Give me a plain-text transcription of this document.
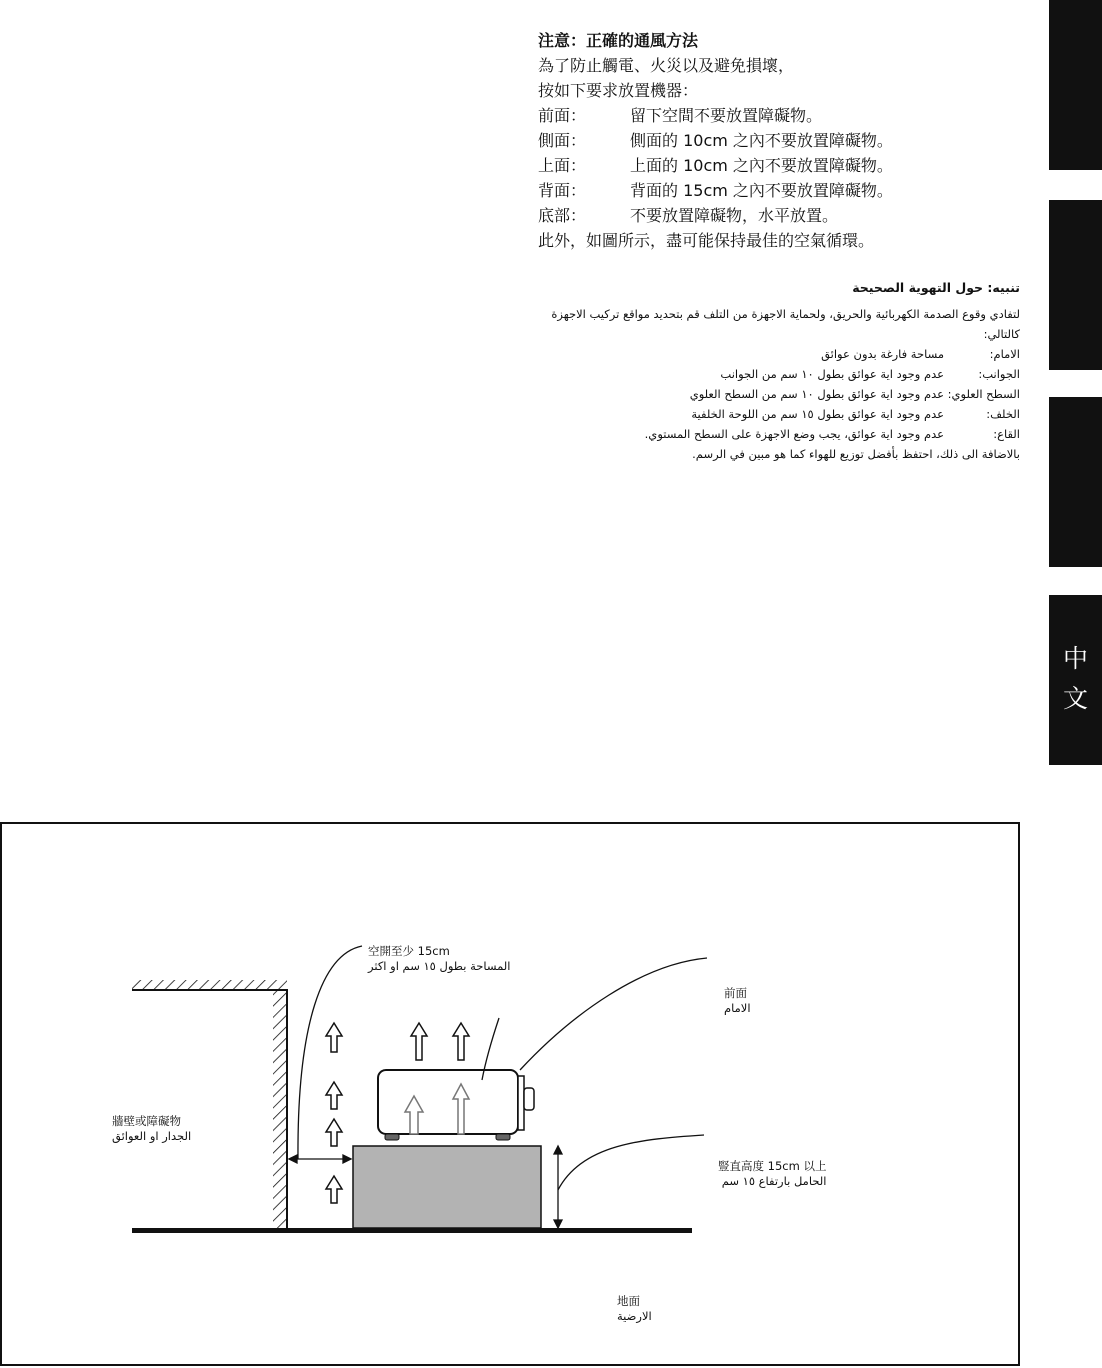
中
文
注意：正確的通風方法
為了防止觸電、火災以及避免損壞，
按如下要求放置機器：
前面：	留下空間不要放置障礙物。
側面：	側面的 10cm 之內不要放置障礙物。
上面：	上面的 10cm 之內不要放置障礙物。
背面：	背面的 15cm 之內不要放置障礙物。
底部：	不要放置障礙物，水平放置。
此外，如圖所示，盡可能保持最佳的空氣循環。
تنبيه: حول التهوية الصحيحة

لتفادي وقوع الصدمة الكهربائية والحريق، ولحماية الاجهزة من التلف قم بتحديد مواقع تركيب الاجهزة كالتالي:

الامام:
مساحة فارغة بدون عوائق
الجوانب:
عدم وجود اية عوائق بطول ١٠ سم من الجوانب
السطح العلوي:
عدم وجود اية عوائق بطول ١٠ سم من السطح العلوي
الخلف:
عدم وجود اية عوائق بطول ١٥ سم من اللوحة الخلفية
القاع:
عدم وجود اية عوائق، يجب وضع الاجهزة على السطح المستوي.

بالاضافة الى ذلك، احتفظ بأفضل توزيع للهواء كما هو مبين في الرسم.

空開至少 15cm
المساحة بطول ١٥ سم او اكثر
前面
الامام
牆壁或障礙物
الجدار او العوائق
豎直高度 15cm 以上
الحامل بارتفاع ١٥ سم
地面
الارضية
